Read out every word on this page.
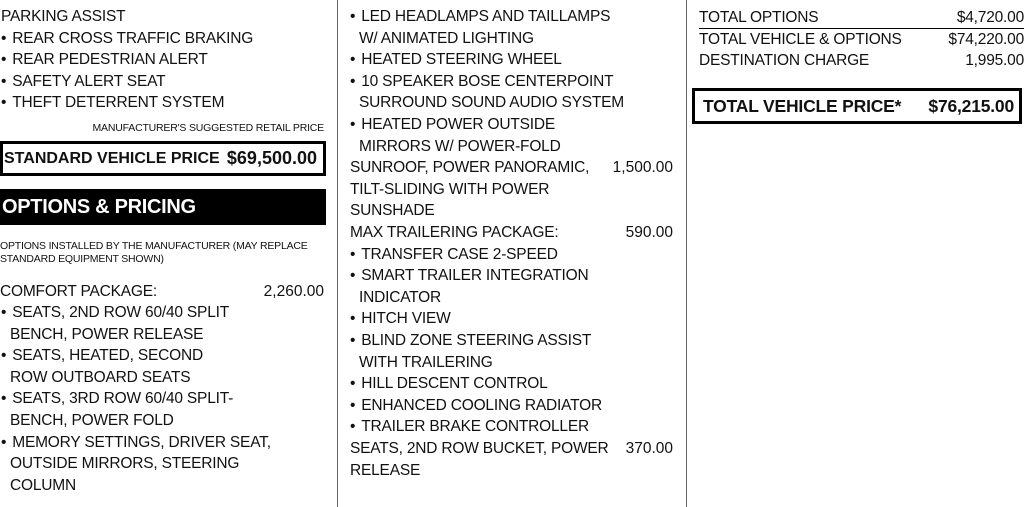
PARKING ASSIST
• REAR CROSS TRAFFIC BRAKING
• REAR PEDESTRIAN ALERT
• SAFETY ALERT SEAT
• THEFT DETERRENT SYSTEM
MANUFACTURER'S SUGGESTED RETAIL PRICE
STANDARD VEHICLE PRICE $69,500.00
OPTIONS & PRICING
OPTIONS INSTALLED BY THE MANUFACTURER (MAY REPLACE
STANDARD EQUIPMENT SHOWN)
COMFORT PACKAGE:	2,260.00
• SEATS, 2ND ROW 60/40 SPLIT
BENCH, POWER RELEASE
• SEATS, HEATED, SECOND
ROW OUTBOARD SEATS
• SEATS, 3RD ROW 60/40 SPLIT-
BENCH, POWER FOLD
• MEMORY SETTINGS, DRIVER SEAT,
OUTSIDE MIRRORS, STEERING
COLUMN
• LED HEADLAMPS AND TAILLAMPS
W/ ANIMATED LIGHTING
• HEATED STEERING WHEEL
• 10 SPEAKER BOSE CENTERPOINT
SURROUND SOUND AUDIO SYSTEM
• HEATED POWER OUTSIDE
MIRRORS W/ POWER-FOLD
SUNROOF, POWER PANORAMIC, 1,500.00
TILT-SLIDING WITH POWER
SUNSHADE
MAX TRAILERING PACKAGE:	590.00
• TRANSFER CASE 2-SPEED
• SMART TRAILER INTEGRATION
INDICATOR
• HITCH VIEW
• BLIND ZONE STEERING ASSIST
WITH TRAILERING
• HILL DESCENT CONTROL
• ENHANCED COOLING RADIATOR
• TRAILER BRAKE CONTROLLER
SEATS, 2ND ROW BUCKET, POWER 370.00
RELEASE
TOTAL OPTIONS	$4,720.00
TOTAL VEHICLE & OPTIONS	$74,220.00
DESTINATION CHARGE	1,995.00
TOTAL VEHICLE PRICE* $76,215.00
